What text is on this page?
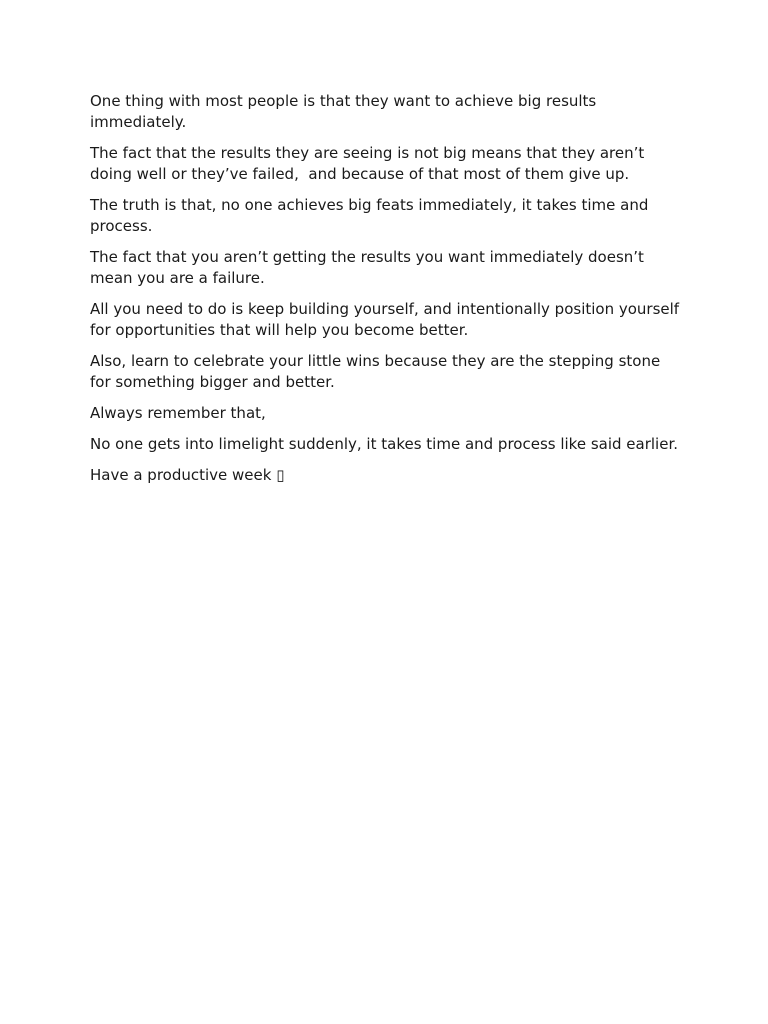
One thing with most people is that they want to achieve big results immediately.

The fact that the results they are seeing is not big means that they aren’t doing well or they’ve failed,  and because of that most of them give up.

The truth is that, no one achieves big feats immediately, it takes time and process.

The fact that you aren’t getting the results you want immediately doesn’t mean you are a failure.

All you need to do is keep building yourself, and intentionally position yourself for opportunities that will help you become better.

Also, learn to celebrate your little wins because they are the stepping stone for something bigger and better.

Always remember that,

No one gets into limelight suddenly, it takes time and process like said earlier.

Have a productive week ▯
